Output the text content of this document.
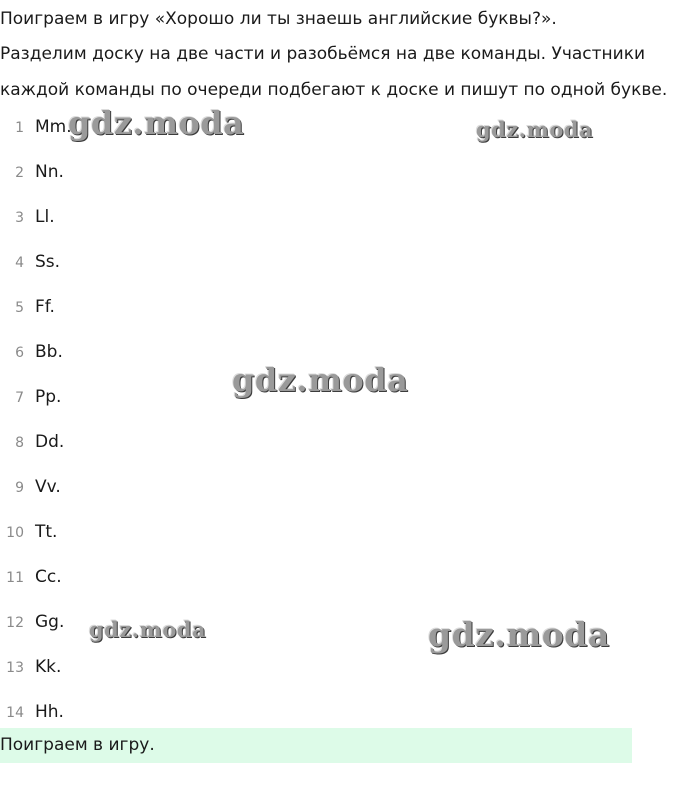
Поиграем в игру «Хорошо ли ты знаешь английские буквы?».
Разделим доску на две части и разобьёмся на две команды. Участники
каждой команды по очереди подбегают к доске и пишут по одной букве.
1 Mm.
2 Nn.
3 Ll.
4 Ss.
5 Ff.
6 Bb.
7 Pp.
8 Dd.
9 Vv.
10 Tt.
11 Cc.
12 Gg.
13 Kk.
14 Hh.
Поиграем в игру.
gdz.moda	gdz.moda
gdz.moda
gdz.moda	gdz.moda
